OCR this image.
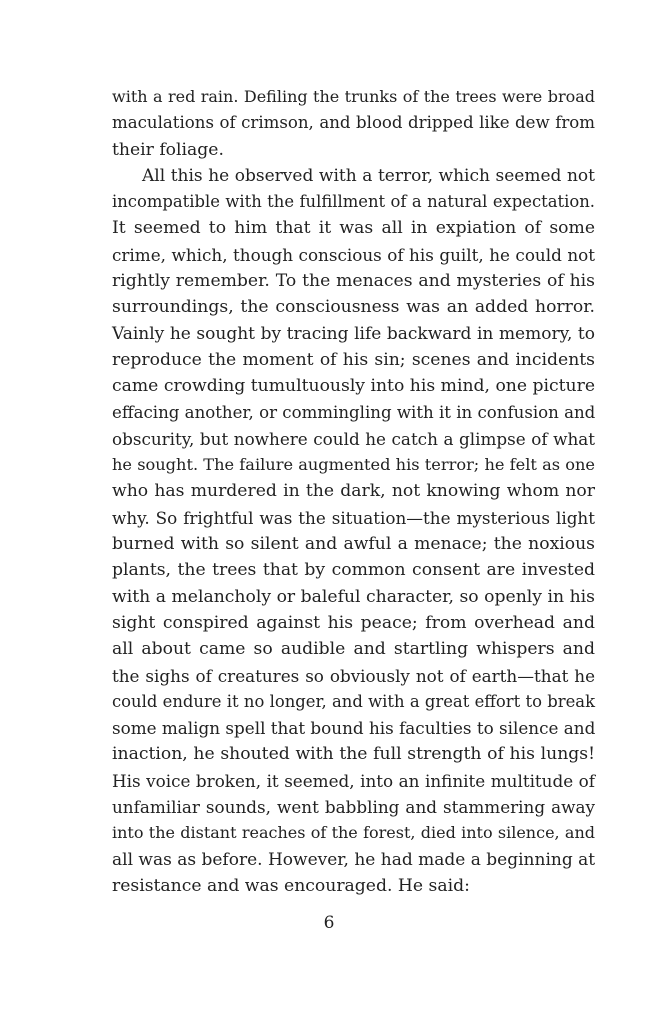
with a red rain. Defiling the trunks of the trees were broad
maculations of crimson, and blood dripped like dew from
their foliage.
All this he observed with a terror, which seemed not
incompatible with the fulfillment of a natural expectation.
It seemed to him that it was all in expiation of some
crime, which, though conscious of his guilt, he could not
rightly remember. To the menaces and mysteries of his
surroundings, the consciousness was an added horror.
Vainly he sought by tracing life backward in memory, to
reproduce the moment of his sin; scenes and incidents
came crowding tumultuously into his mind, one picture
effacing another, or commingling with it in confusion and
obscurity, but nowhere could he catch a glimpse of what
he sought. The failure augmented his terror; he felt as one
who has murdered in the dark, not knowing whom nor
why. So frightful was the situation—the mysterious light
burned with so silent and awful a menace; the noxious
plants, the trees that by common consent are invested
with a melancholy or baleful character, so openly in his
sight conspired against his peace; from overhead and
all about came so audible and startling whispers and
the sighs of creatures so obviously not of earth—that he
could endure it no longer, and with a great effort to break
some malign spell that bound his faculties to silence and
inaction, he shouted with the full strength of his lungs!
His voice broken, it seemed, into an infinite multitude of
unfamiliar sounds, went babbling and stammering away
into the distant reaches of the forest, died into silence, and
all was as before. However, he had made a beginning at
resistance and was encouraged. He said:
6
